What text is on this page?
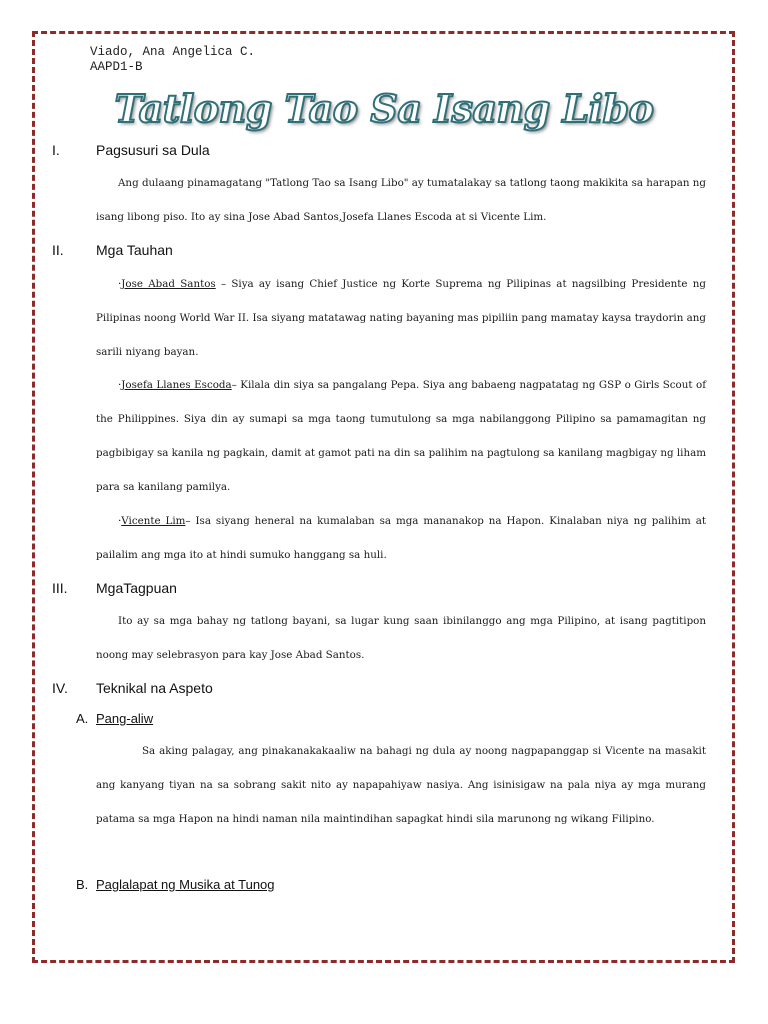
Viado, Ana Angelica C.
AAPD1-B
Tatlong Tao Sa Isang Libo
I.	Pagsusuri sa Dula

Ang dulaang pinamagatang "Tatlong Tao sa Isang Libo" ay tumatalakay sa tatlong taong makikita sa harapan ng isang libong piso. Ito ay sina Jose Abad Santos,Josefa Llanes Escoda at si Vicente Lim.

II. Mga Tauhan

·Jose Abad Santos – Siya ay isang Chief Justice ng Korte Suprema ng Pilipinas at nagsilbing Presidente ng Pilipinas noong World War II. Isa siyang matatawag nating bayaning mas pipiliin pang mamatay kaysa traydorin ang sarili niyang bayan.

·Josefa Llanes Escoda– Kilala din siya sa pangalang Pepa. Siya ang babaeng nagpatatag ng GSP o Girls Scout of the Philippines. Siya din ay sumapi sa mga taong tumutulong sa mga nabilanggong Pilipino sa pamamagitan ng pagbibigay sa kanila ng pagkain, damit at gamot pati na din sa palihim na pagtulong sa kanilang magbigay ng liham para sa kanilang pamilya.

·Vicente Lim– Isa siyang heneral na kumalaban sa mga mananakop na Hapon. Kinalaban niya ng palihim at pailalim ang mga ito at hindi sumuko hanggang sa huli.

III. MgaTagpuan

Ito ay sa mga bahay ng tatlong bayani, sa lugar kung saan ibinilanggo ang mga Pilipino, at isang pagtitipon noong may selebrasyon para kay Jose Abad Santos.

IV. Teknikal na Aspeto
A. Pang-aliw

Sa aking palagay, ang pinakanakakaaliw na bahagi ng dula ay noong nagpapanggap si Vicente na masakit ang kanyang tiyan na sa sobrang sakit nito ay napapahiyaw nasiya. Ang isinisigaw na pala niya ay mga murang patama sa mga Hapon na hindi naman nila maintindihan sapagkat hindi sila marunong ng wikang Filipino.

B. Paglalapat ng Musika at Tunog
